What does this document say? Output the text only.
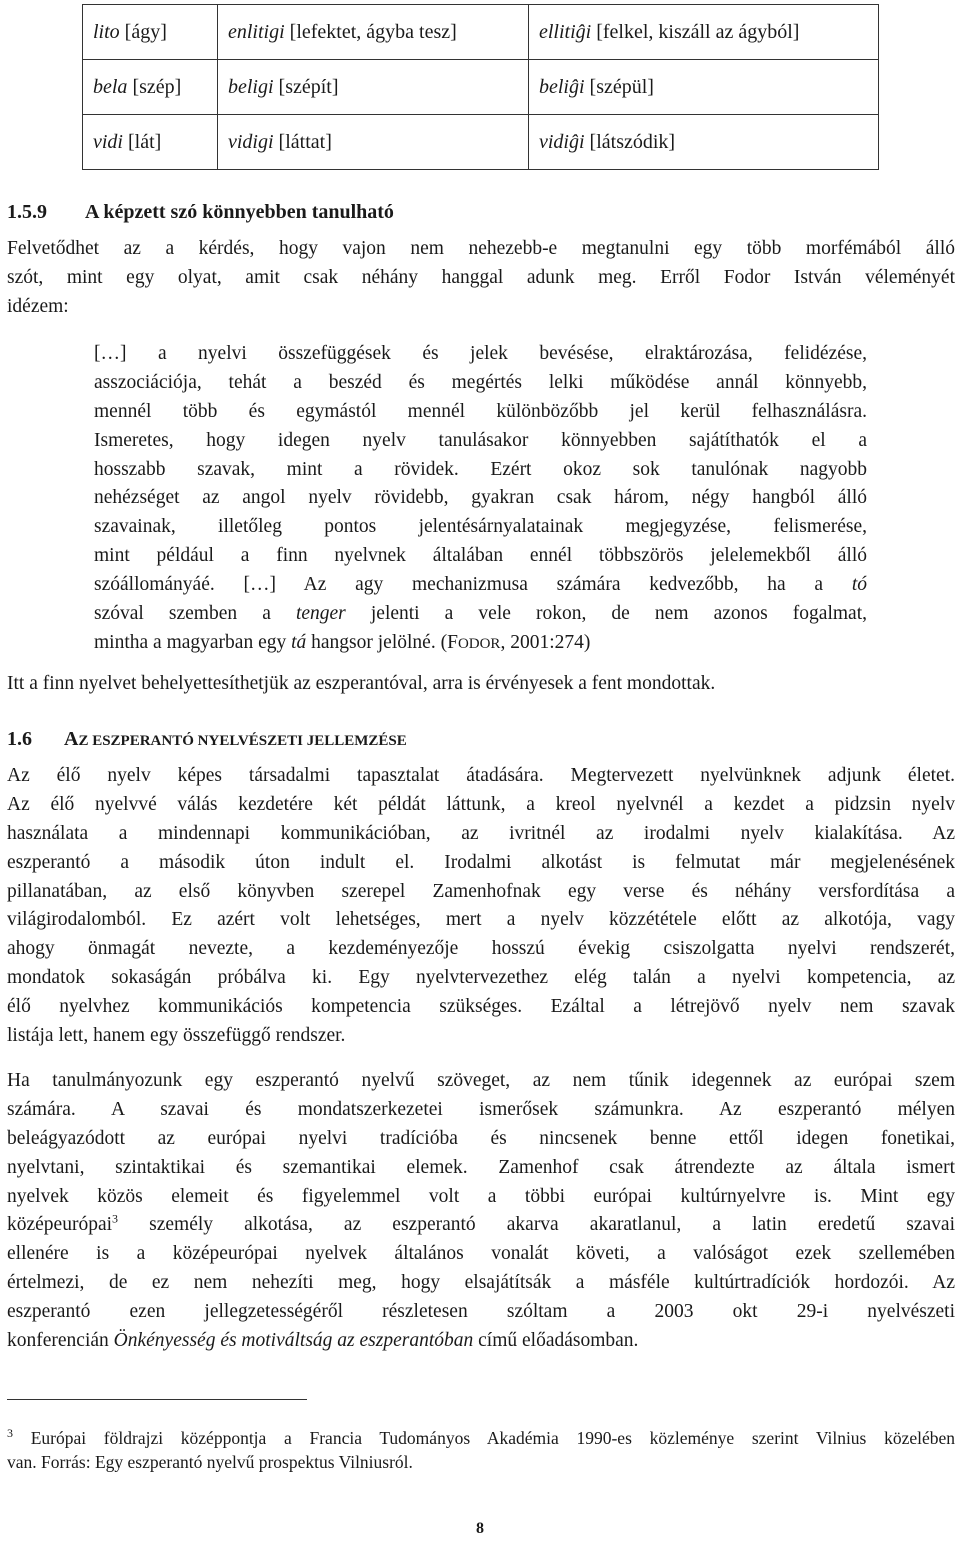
lito [ágy]	enlitigi [lefektet, ágyba tesz]	ellitiĝi [felkel, kiszáll az ágyból]
bela [szép]	beligi [szépít]	beliĝi [szépül]
vidi [lát]	vidigi [láttat]	vidiĝi [látszódik]
1.5.9 A képzett szó könnyebben tanulható
Felvetődhet az a kérdés, hogy vajon nem nehezebb-e megtanulni egy több morfémából álló
szót, mint egy olyat, amit csak néhány hanggal adunk meg. Erről Fodor István véleményét
idézem:
[…] a nyelvi összefüggések és jelek bevésése, elraktározása, felidézése,
asszociációja, tehát a beszéd és megértés lelki működése annál könnyebb,
mennél több és egymástól mennél különbözőbb jel kerül felhasználásra.
Ismeretes, hogy idegen nyelv tanulásakor könnyebben sajátíthatók el a
hosszabb szavak, mint a rövidek. Ezért okoz sok tanulónak nagyobb
nehézséget az angol nyelv rövidebb, gyakran csak három, négy hangból álló
szavainak, illetőleg pontos jelentésárnyalatainak megjegyzése, felismerése,
mint például a finn nyelvnek általában ennél többszörös jelelemekből álló
szóállományáé. […] Az agy mechanizmusa számára kedvezőbb, ha a tó
szóval szemben a tenger jelenti a vele rokon, de nem azonos fogalmat,
mintha a magyarban egy tá hangsor jelölné. (FODOR, 2001:274)
Itt a finn nyelvet behelyettesíthetjük az eszperantóval, arra is érvényesek a fent mondottak.
1.6 AZ ESZPERANTÓ NYELVÉSZETI JELLEMZÉSE
Az élő nyelv képes társadalmi tapasztalat átadására. Megtervezett nyelvünknek adjunk életet.
Az élő nyelvvé válás kezdetére két példát láttunk, a kreol nyelvnél a kezdet a pidzsin nyelv
használata a mindennapi kommunikációban, az ivritnél az irodalmi nyelv kialakítása. Az
eszperantó a második úton indult el. Irodalmi alkotást is felmutat már megjelenésének
pillanatában, az első könyvben szerepel Zamenhofnak egy verse és néhány versfordítása a
világirodalomból. Ez azért volt lehetséges, mert a nyelv közzététele előtt az alkotója, vagy
ahogy önmagát nevezte, a kezdeményezője hosszú évekig csiszolgatta nyelvi rendszerét,
mondatok sokaságán próbálva ki. Egy nyelvtervezethez elég talán a nyelvi kompetencia, az
élő nyelvhez kommunikációs kompetencia szükséges. Ezáltal a létrejövő nyelv nem szavak
listája lett, hanem egy összefüggő rendszer.
Ha tanulmányozunk egy eszperantó nyelvű szöveget, az nem tűnik idegennek az európai szem
számára. A szavai és mondatszerkezetei ismerősek számunkra. Az eszperantó mélyen
beleágyazódott az európai nyelvi tradícióba és nincsenek benne ettől idegen fonetikai,
nyelvtani, szintaktikai és szemantikai elemek. Zamenhof csak átrendezte az általa ismert
nyelvek közös elemeit és figyelemmel volt a többi európai kultúrnyelvre is. Mint egy
középeurópai$^3$ személy alkotása, az eszperantó akarva akaratlanul, a latin eredetű szavai
ellenére is a középeurópai nyelvek általános vonalát követi, a valóságot ezek szellemében
értelmezi, de ez nem nehezíti meg, hogy elsajátítsák a másféle kultúrtradíciók hordozói. Az
eszperantó ezen jellegzetességéről részletesen szóltam a 2003 okt 29-i nyelvészeti
konferencián Önkényesség és motiváltság az eszperantóban című előadásomban.
$^3$ Európai földrajzi középpontja a Francia Tudományos Akadémia 1990-es közleménye szerint Vilnius közelében
van. Forrás: Egy eszperantó nyelvű prospektus Vilniusról.
8
